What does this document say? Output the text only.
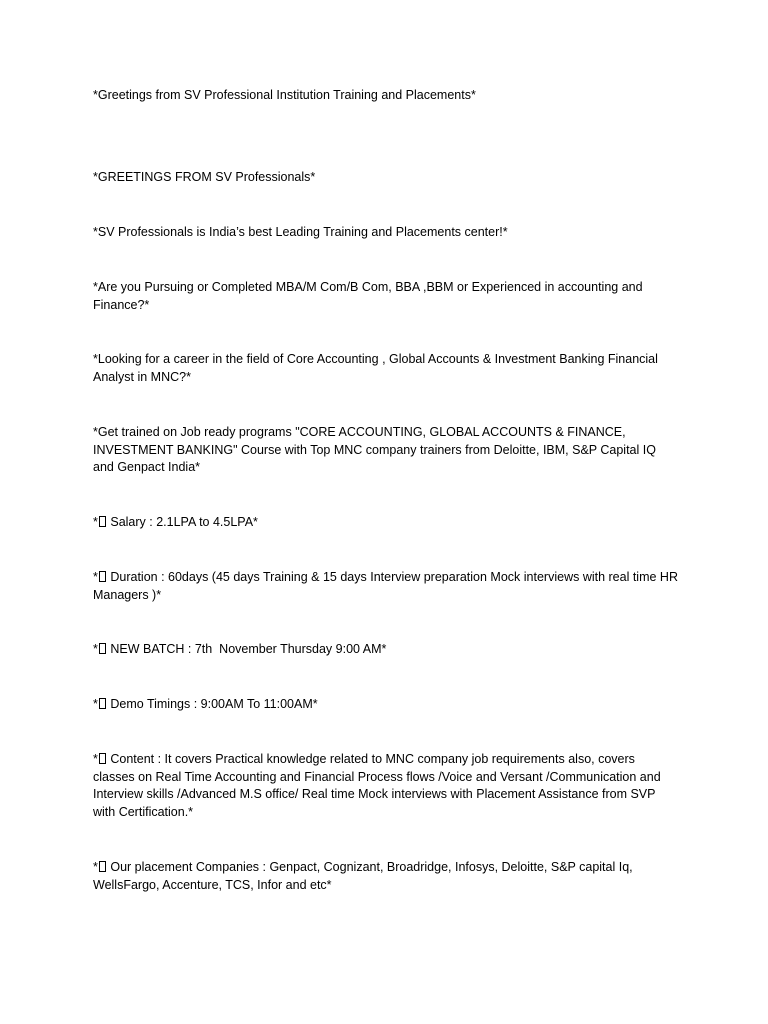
*Greetings from SV Professional Institution Training and Placements*

*GREETINGS FROM SV Professionals*

*SV Professionals is India’s best Leading Training and Placements center!*

*Are you Pursuing or Completed MBA/M Com/B Com, BBA ,BBM or Experienced in accounting and Finance?*

*Looking for a career in the field of Core Accounting , Global Accounts & Investment Banking Financial Analyst in MNC?*

*Get trained on Job ready programs "CORE ACCOUNTING, GLOBAL ACCOUNTS & FINANCE, INVESTMENT BANKING" Course with Top MNC company trainers from Deloitte, IBM, S&P Capital IQ and Genpact India*

* Salary : 2.1LPA to 4.5LPA*

* Duration : 60days (45 days Training & 15 days Interview preparation Mock interviews with real time HR Managers )*

* NEW BATCH : 7th  November Thursday 9:00 AM*

* Demo Timings : 9:00AM To 11:00AM*

* Content : It covers Practical knowledge related to MNC company job requirements also, covers classes on Real Time Accounting and Financial Process flows /Voice and Versant /Communication and Interview skills /Advanced M.S office/ Real time Mock interviews with Placement Assistance from SVP with Certification.*

* Our placement Companies : Genpact, Cognizant, Broadridge, Infosys, Deloitte, S&P capital Iq, WellsFargo, Accenture, TCS, Infor and etc*
